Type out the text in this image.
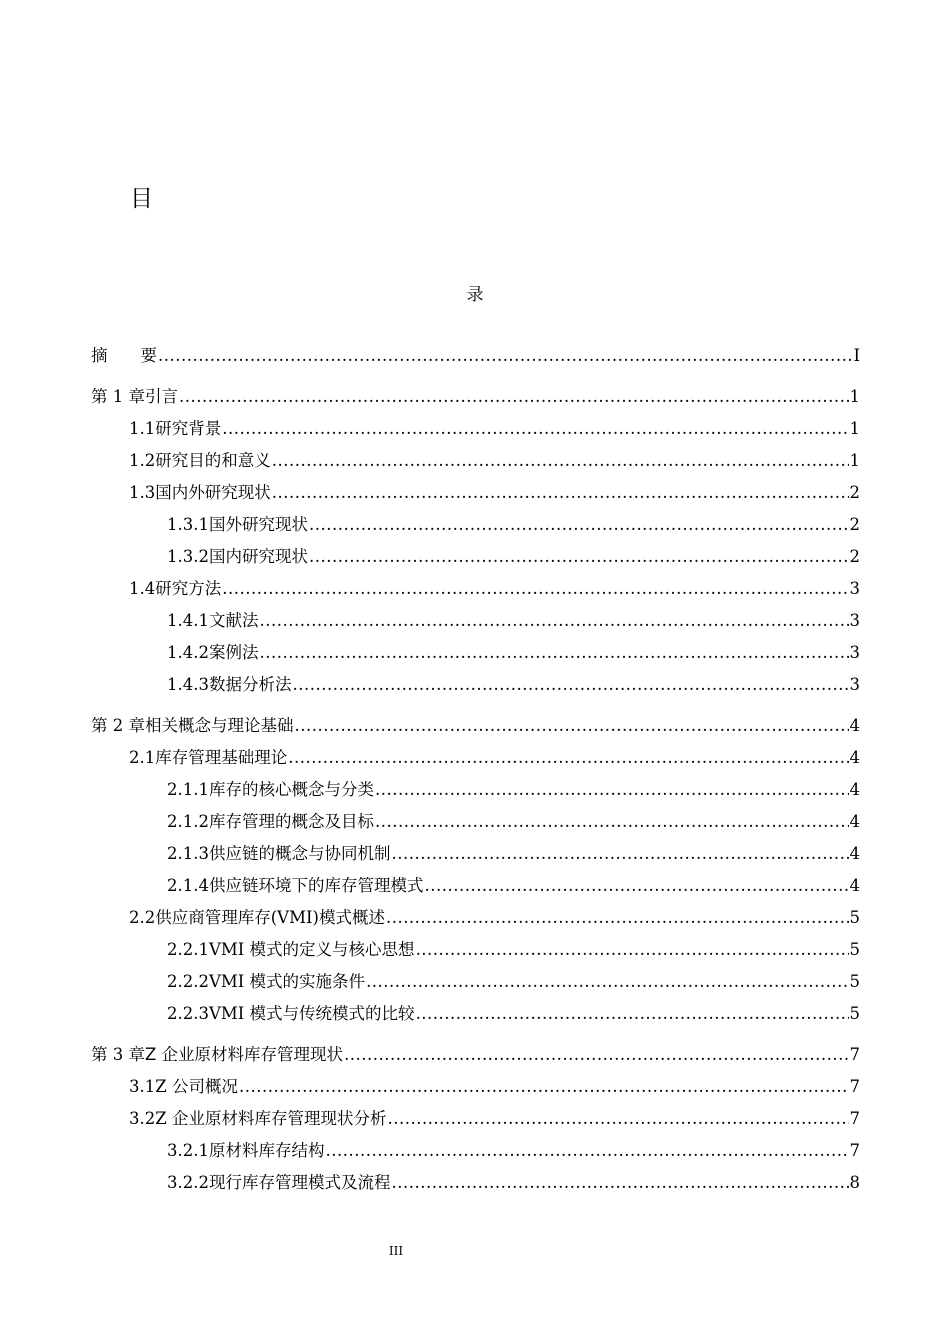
目
录
摘　　要 .....	I
第 1 章 引言 .....	1
1.1 研究背景 .....	1
1.2 研究目的和意义 .....	1
1.3 国内外研究现状 .....	2
1.3.1 国外研究现状 .....	2
1.3.2 国内研究现状 .....	2
1.4 研究方法 .....	3
1.4.1 文献法 .....	3
1.4.2 案例法 .....	3
1.4.3 数据分析法 .....	3
第 2 章 相关概念与理论基础 .....	4
2.1 库存管理基础理论 .....	4
2.1.1 库存的核心概念与分类 .....	4
2.1.2 库存管理的概念及目标 .....	4
2.1.3 供应链的概念与协同机制 .....	4
2.1.4 供应链环境下的库存管理模式 .....	4
2.2 供应商管理库存(VMI)模式概述 .....	5
2.2.1 VMI 模式的定义与核心思想 .....	5
2.2.2 VMI 模式的实施条件 .....	5
2.2.3 VMI 模式与传统模式的比较 .....	5
第 3 章 Z 企业原材料库存管理现状 .....	7
3.1 Z 公司概况 .....	7
3.2 Z 企业原材料库存管理现状分析 .....	7
3.2.1 原材料库存结构 .....	7
3.2.2 现行库存管理模式及流程 .....	8
III
